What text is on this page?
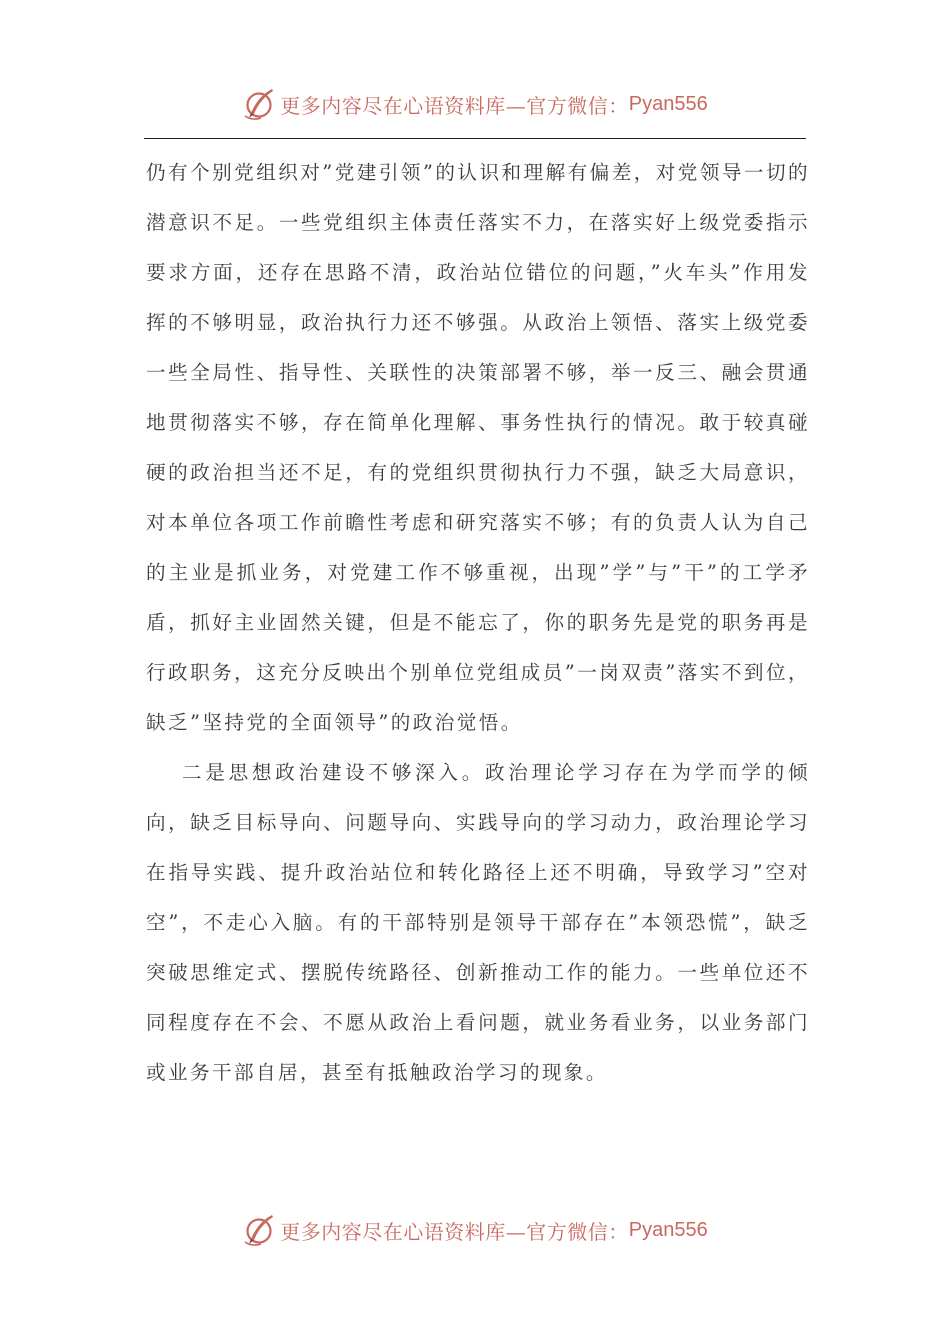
更多内容尽在心语资料库—官方微信： Pyan556

仍有个别党组织对”党建引领”的认识和理解有偏差，对党领导一切的潜意识不足。一些党组织主体责任落实不力，在落实好上级党委指示要求方面，还存在思路不清，政治站位错位的问题，”火车头”作用发挥的不够明显，政治执行力还不够强。从政治上领悟、落实上级党委一些全局性、指导性、关联性的决策部署不够，举一反三、融会贯通地贯彻落实不够，存在简单化理解、事务性执行的情况。敢于较真碰硬的政治担当还不足，有的党组织贯彻执行力不强，缺乏大局意识，对本单位各项工作前瞻性考虑和研究落实不够；有的负责人认为自己的主业是抓业务，对党建工作不够重视，出现”学”与”干”的工学矛盾，抓好主业固然关键，但是不能忘了，你的职务先是党的职务再是行政职务，这充分反映出个别单位党组成员”一岗双责”落实不到位，缺乏”坚持党的全面领导”的政治觉悟。

二是思想政治建设不够深入。政治理论学习存在为学而学的倾向，缺乏目标导向、问题导向、实践导向的学习动力，政治理论学习在指导实践、提升政治站位和转化路径上还不明确，导致学习”空对空”，不走心入脑。有的干部特别是领导干部存在”本领恐慌”，缺乏突破思维定式、摆脱传统路径、创新推动工作的能力。一些单位还不同程度存在不会、不愿从政治上看问题，就业务看业务，以业务部门或业务干部自居，甚至有抵触政治学习的现象。

更多内容尽在心语资料库—官方微信： Pyan556
